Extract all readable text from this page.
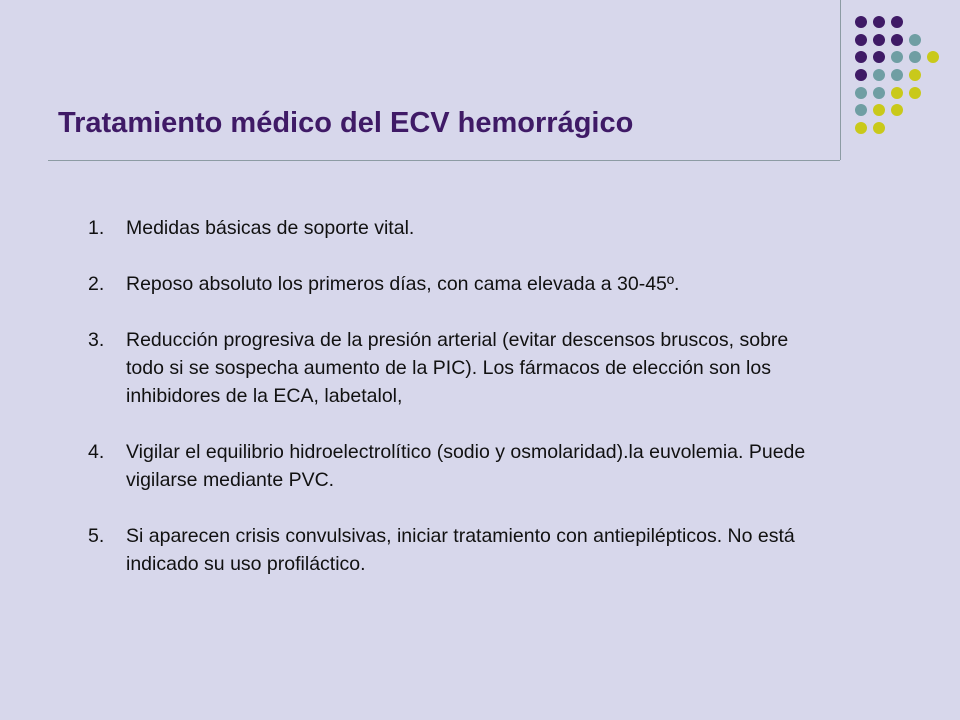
Tratamiento médico del ECV hemorrágico
1. Medidas básicas de soporte vital.
2. Reposo absoluto los primeros días, con cama elevada a 30-45º.
3. Reducción progresiva de la presión arterial (evitar descensos bruscos, sobre todo si se sospecha aumento de la PIC). Los fármacos de elección son los inhibidores de la ECA, labetalol,
4. Vigilar el equilibrio hidroelectrolítico (sodio y osmolaridad).la euvolemia. Puede vigilarse mediante PVC.
5. Si aparecen crisis convulsivas, iniciar tratamiento con antiepilépticos. No está indicado su uso profiláctico.
